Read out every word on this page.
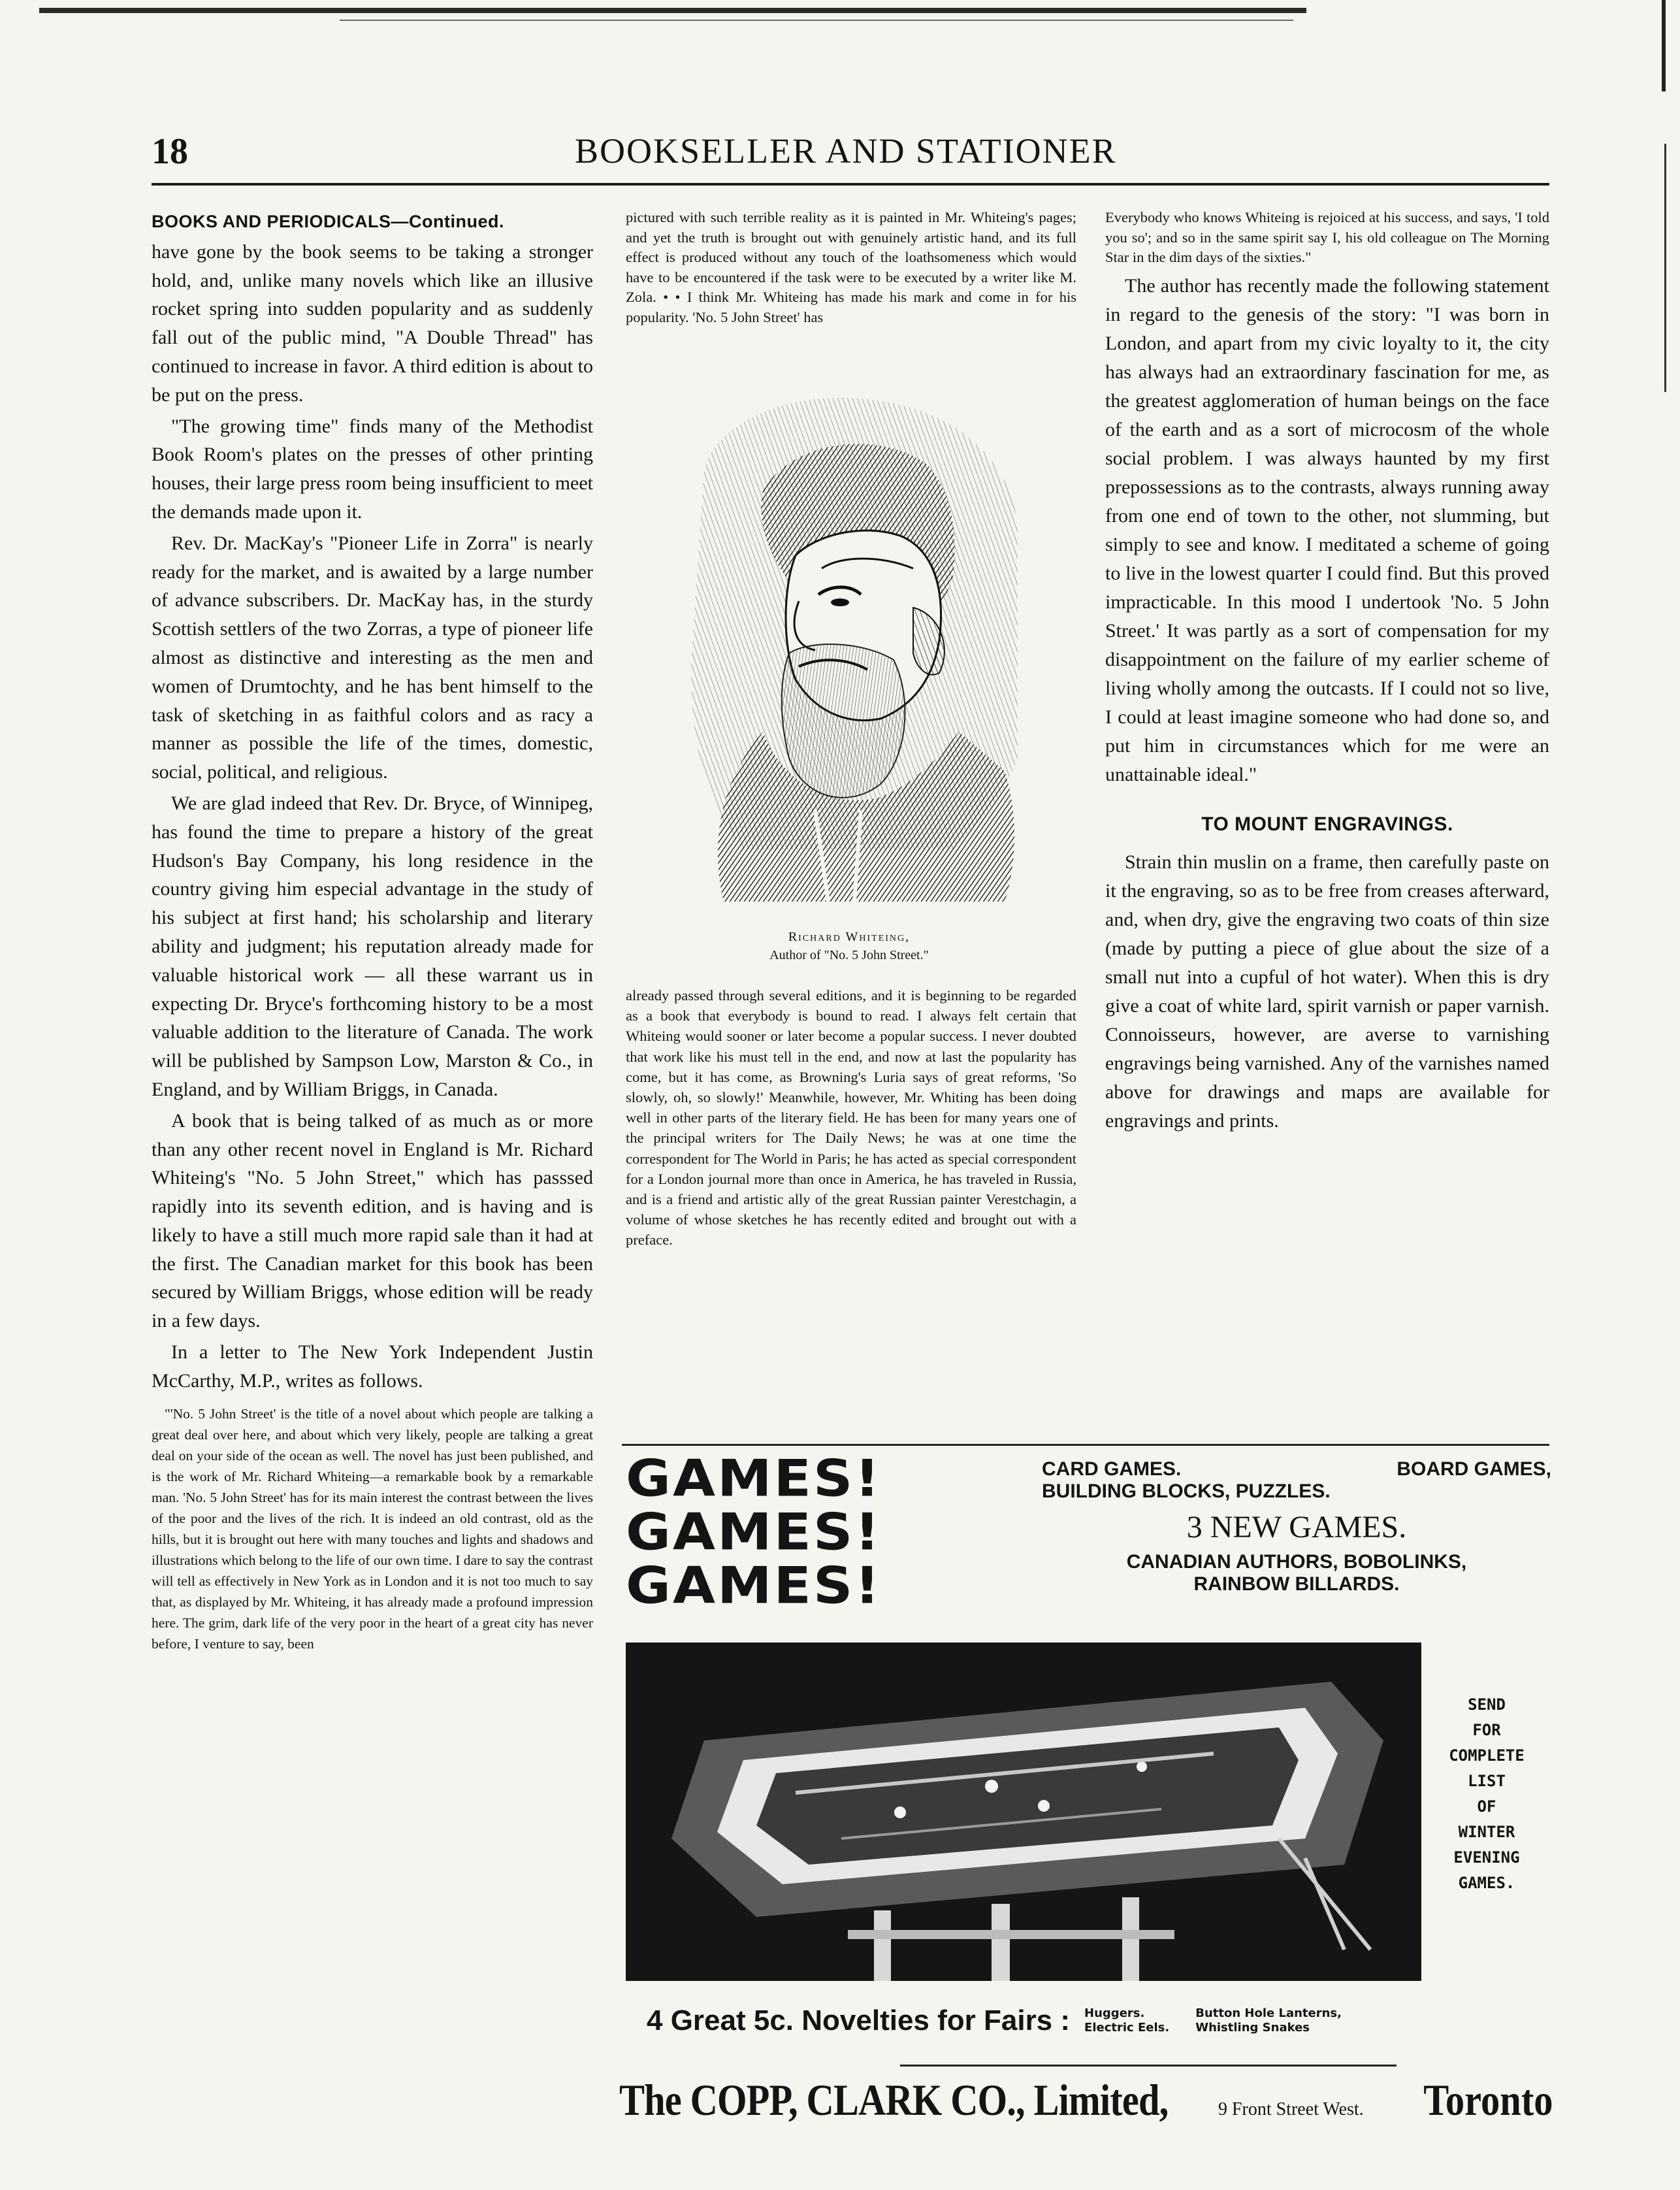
18	BOOKSELLER AND STATIONER
BOOKS AND PERIODICALS—Continued.

have gone by the book seems to be taking a stronger hold, and, unlike many novels which like an illusive rocket spring into sudden popularity and as suddenly fall out of the public mind, "A Double Thread" has continued to increase in favor. A third edition is about to be put on the press.

"The growing time" finds many of the Methodist Book Room's plates on the presses of other printing houses, their large press room being insufficient to meet the demands made upon it.

Rev. Dr. MacKay's "Pioneer Life in Zorra" is nearly ready for the market, and is awaited by a large number of advance subscribers. Dr. MacKay has, in the sturdy Scottish settlers of the two Zorras, a type of pioneer life almost as distinctive and interesting as the men and women of Drumtochty, and he has bent himself to the task of sketching in as faithful colors and as racy a manner as possible the life of the times, domestic, social, political, and religious.

We are glad indeed that Rev. Dr. Bryce, of Winnipeg, has found the time to prepare a history of the great Hudson's Bay Company, his long residence in the country giving him especial advantage in the study of his subject at first hand; his scholarship and literary ability and judgment; his reputation already made for valuable historical work — all these warrant us in expecting Dr. Bryce's forthcoming history to be a most valuable addition to the literature of Canada. The work will be published by Sampson Low, Marston & Co., in England, and by William Briggs, in Canada.

A book that is being talked of as much as or more than any other recent novel in England is Mr. Richard Whiteing's "No. 5 John Street," which has passsed rapidly into its seventh edition, and is having and is likely to have a still much more rapid sale than it had at the first. The Canadian market for this book has been secured by William Briggs, whose edition will be ready in a few days.

In a letter to The New York Independent Justin McCarthy, M.P., writes as follows.

"'No. 5 John Street' is the title of a novel about which people are talking a great deal over here, and about which very likely, people are talking a great deal on your side of the ocean as well. The novel has just been published, and is the work of Mr. Richard Whiteing—a remarkable book by a remarkable man. 'No. 5 John Street' has for its main interest the contrast between the lives of the poor and the lives of the rich. It is indeed an old contrast, old as the hills, but it is brought out here with many touches and lights and shadows and illustrations which belong to the life of our own time. I dare to say the contrast will tell as effectively in New York as in London and it is not too much to say that, as displayed by Mr. Whiteing, it has already made a profound impression here. The grim, dark life of the very poor in the heart of a great city has never before, I venture to say, been

pictured with such terrible reality as it is painted in Mr. Whiteing's pages; and yet the truth is brought out with genuinely artistic hand, and its full effect is produced without any touch of the loathsomeness which would have to be encountered if the task were to be executed by a writer like M. Zola. • • I think Mr. Whiteing has made his mark and come in for his popularity. 'No. 5 John Street' has

Richard Whiteing,
Author of "No. 5 John Street."

already passed through several editions, and it is beginning to be regarded as a book that everybody is bound to read. I always felt certain that Whiteing would sooner or later become a popular success. I never doubted that work like his must tell in the end, and now at last the popularity has come, but it has come, as Browning's Luria says of great reforms, 'So slowly, oh, so slowly!' Meanwhile, however, Mr. Whiting has been doing well in other parts of the literary field. He has been for many years one of the principal writers for The Daily News; he was at one time the correspondent for The World in Paris; he has acted as special correspondent for a London journal more than once in America, he has traveled in Russia, and is a friend and artistic ally of the great Russian painter Verestchagin, a volume of whose sketches he has recently edited and brought out with a preface.

Everybody who knows Whiteing is rejoiced at his success, and says, 'I told you so'; and so in the same spirit say I, his old colleague on The Morning Star in the dim days of the sixties."

The author has recently made the following statement in regard to the genesis of the story: "I was born in London, and apart from my civic loyalty to it, the city has always had an extraordinary fascination for me, as the greatest agglomeration of human beings on the face of the earth and as a sort of microcosm of the whole social problem. I was always haunted by my first prepossessions as to the contrasts, always running away from one end of town to the other, not slumming, but simply to see and know. I meditated a scheme of going to live in the lowest quarter I could find. But this proved impracticable. In this mood I undertook 'No. 5 John Street.' It was partly as a sort of compensation for my disappointment on the failure of my earlier scheme of living wholly among the outcasts. If I could not so live, I could at least imagine someone who had done so, and put him in circumstances which for me were an unattainable ideal."

TO MOUNT ENGRAVINGS.

Strain thin muslin on a frame, then carefully paste on it the engraving, so as to be free from creases afterward, and, when dry, give the engraving two coats of thin size (made by putting a piece of glue about the size of a small nut into a cupful of hot water). When this is dry give a coat of white lard, spirit varnish or paper varnish. Connoisseurs, however, are averse to varnishing engravings being varnished. Any of the varnishes named above for drawings and maps are available for engravings and prints.

GAMES!
GAMES!
GAMES!
CARD GAMES.	BOARD GAMES,
BUILDING BLOCKS, PUZZLES.
3 NEW GAMES.
CANADIAN AUTHORS, BOBOLINKS,
RAINBOW BILLARDS.
SEND
FOR
COMPLETE
LIST
OF
WINTER
EVENING
GAMES.
4 Great 5c. Novelties for Fairs : Huggers.	Button Hole Lanterns,
Electric Eels. Whistling Snakes
The COPP, CLARK CO., Limited,	9 Front Street West. Toronto
